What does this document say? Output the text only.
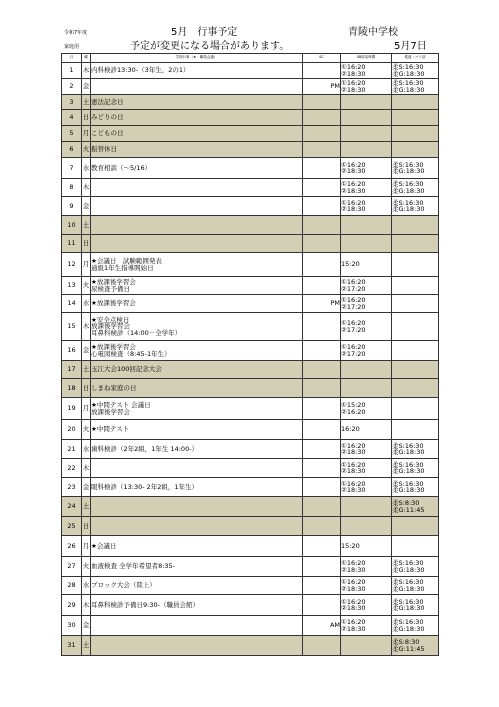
令和7年度	5月　行事予定	青陵中学校
家庭用	予定が変更になる場合があります。	5月7日
日	曜	学校行事（★：職員会議）	SC	SB部活時間	柔道・バド部
1	木	内科検診13:30-（3年生，2の1）		①16:20
②18:30	柔S:16:30
柔G:18:30

2	金		PM	①16:20
②18:30	柔S:16:30
柔G:18:30

3	土	憲法記念日			

4	日	みどりの日			

5	月	こどもの日			

6	火	振替休日			

7	水	教育相談（～5/16）		①16:20
②18:30	柔S:16:30
柔G:18:30

8	木			①16:20
②18:30	柔S:16:30
柔G:18:30

9	金			①16:20
②18:30	柔S:16:30
柔G:18:30

10	土	

11	日	

12	月	★会議日　試験範囲発表
通級1年生指導開始日		15:20	

13	火	★放課後学習会
尿検査予備日		①16:20
②17:20	

14	水	★放課後学習会	PM	①16:20
②17:20	

15	木	★安全点検日
放課後学習会
耳鼻科検診（14:00－全学年）		①16:20
②17:20	

16	金	★放課後学習会
心電図検査（8:45-1年生）		①16:20
②17:20	

17	土	玉江大会100回記念大会			

18	日	しまね家庭の日			

19	月	★中間テスト 会議日
放課後学習会		①15:20
②16:20	

20	火	★中間テスト		16:20	

21	水	歯科検診（2年2組，1年生 14:00-）		①16:20
②18:30	柔S:16:30
柔G:18:30

22	木			①16:20
②18:30	柔S:16:30
柔G:18:30

23	金	眼科検診（13:30- 2年2組，1年生）		①16:20
②18:30	柔S:16:30
柔G:18:30

24	土				柔S:8:30
柔G:11:45

25	日	

26	月	★会議日		15:20	

27	火	血液検査 全学年希望者8:35-		①16:20
②18:30	柔S:16:30
柔G:18:30

28	水	ブロック大会（陸上）		①16:20
②18:30	柔S:16:30
柔G:18:30

29	木	耳鼻科検診予備日9:30-（職員会館）		①16:20
②18:30	柔S:16:30
柔G:18:30

30	金		AM	①16:20
②18:30	柔S:16:30
柔G:18:30

31	土				柔S:8:30
柔G:11:45
